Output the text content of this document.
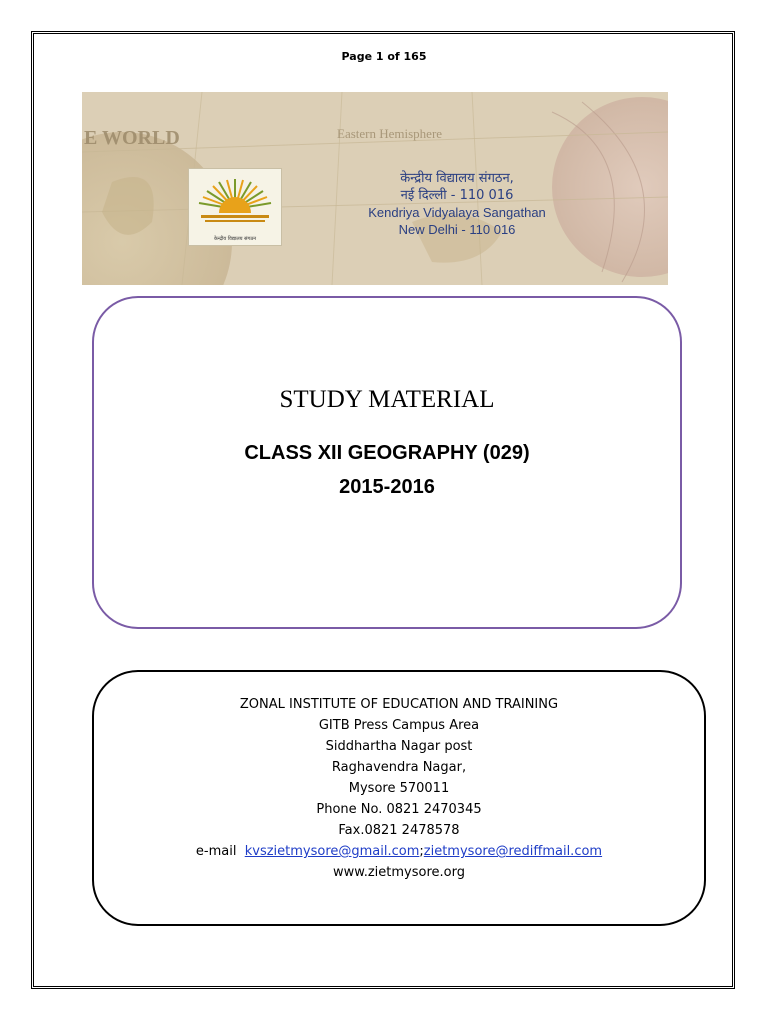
Page 1 of 165
E WORLD	Eastern Hemisphere
केन्द्रीय विद्यालय संगठन
केन्द्रीय विद्यालय संगठन,
नई दिल्ली - 110 016
Kendriya Vidyalaya Sangathan
New Delhi - 110 016
STUDY MATERIAL
CLASS XII GEOGRAPHY (029)
2015-2016
ZONAL INSTITUTE OF EDUCATION AND TRAINING
GITB Press Campus Area
Siddhartha Nagar post
Raghavendra Nagar,
Mysore 570011
Phone No. 0821 2470345
Fax.0821 2478578
e-mail kvszietmysore@gmail.com;zietmysore@rediffmail.com
www.zietmysore.org
